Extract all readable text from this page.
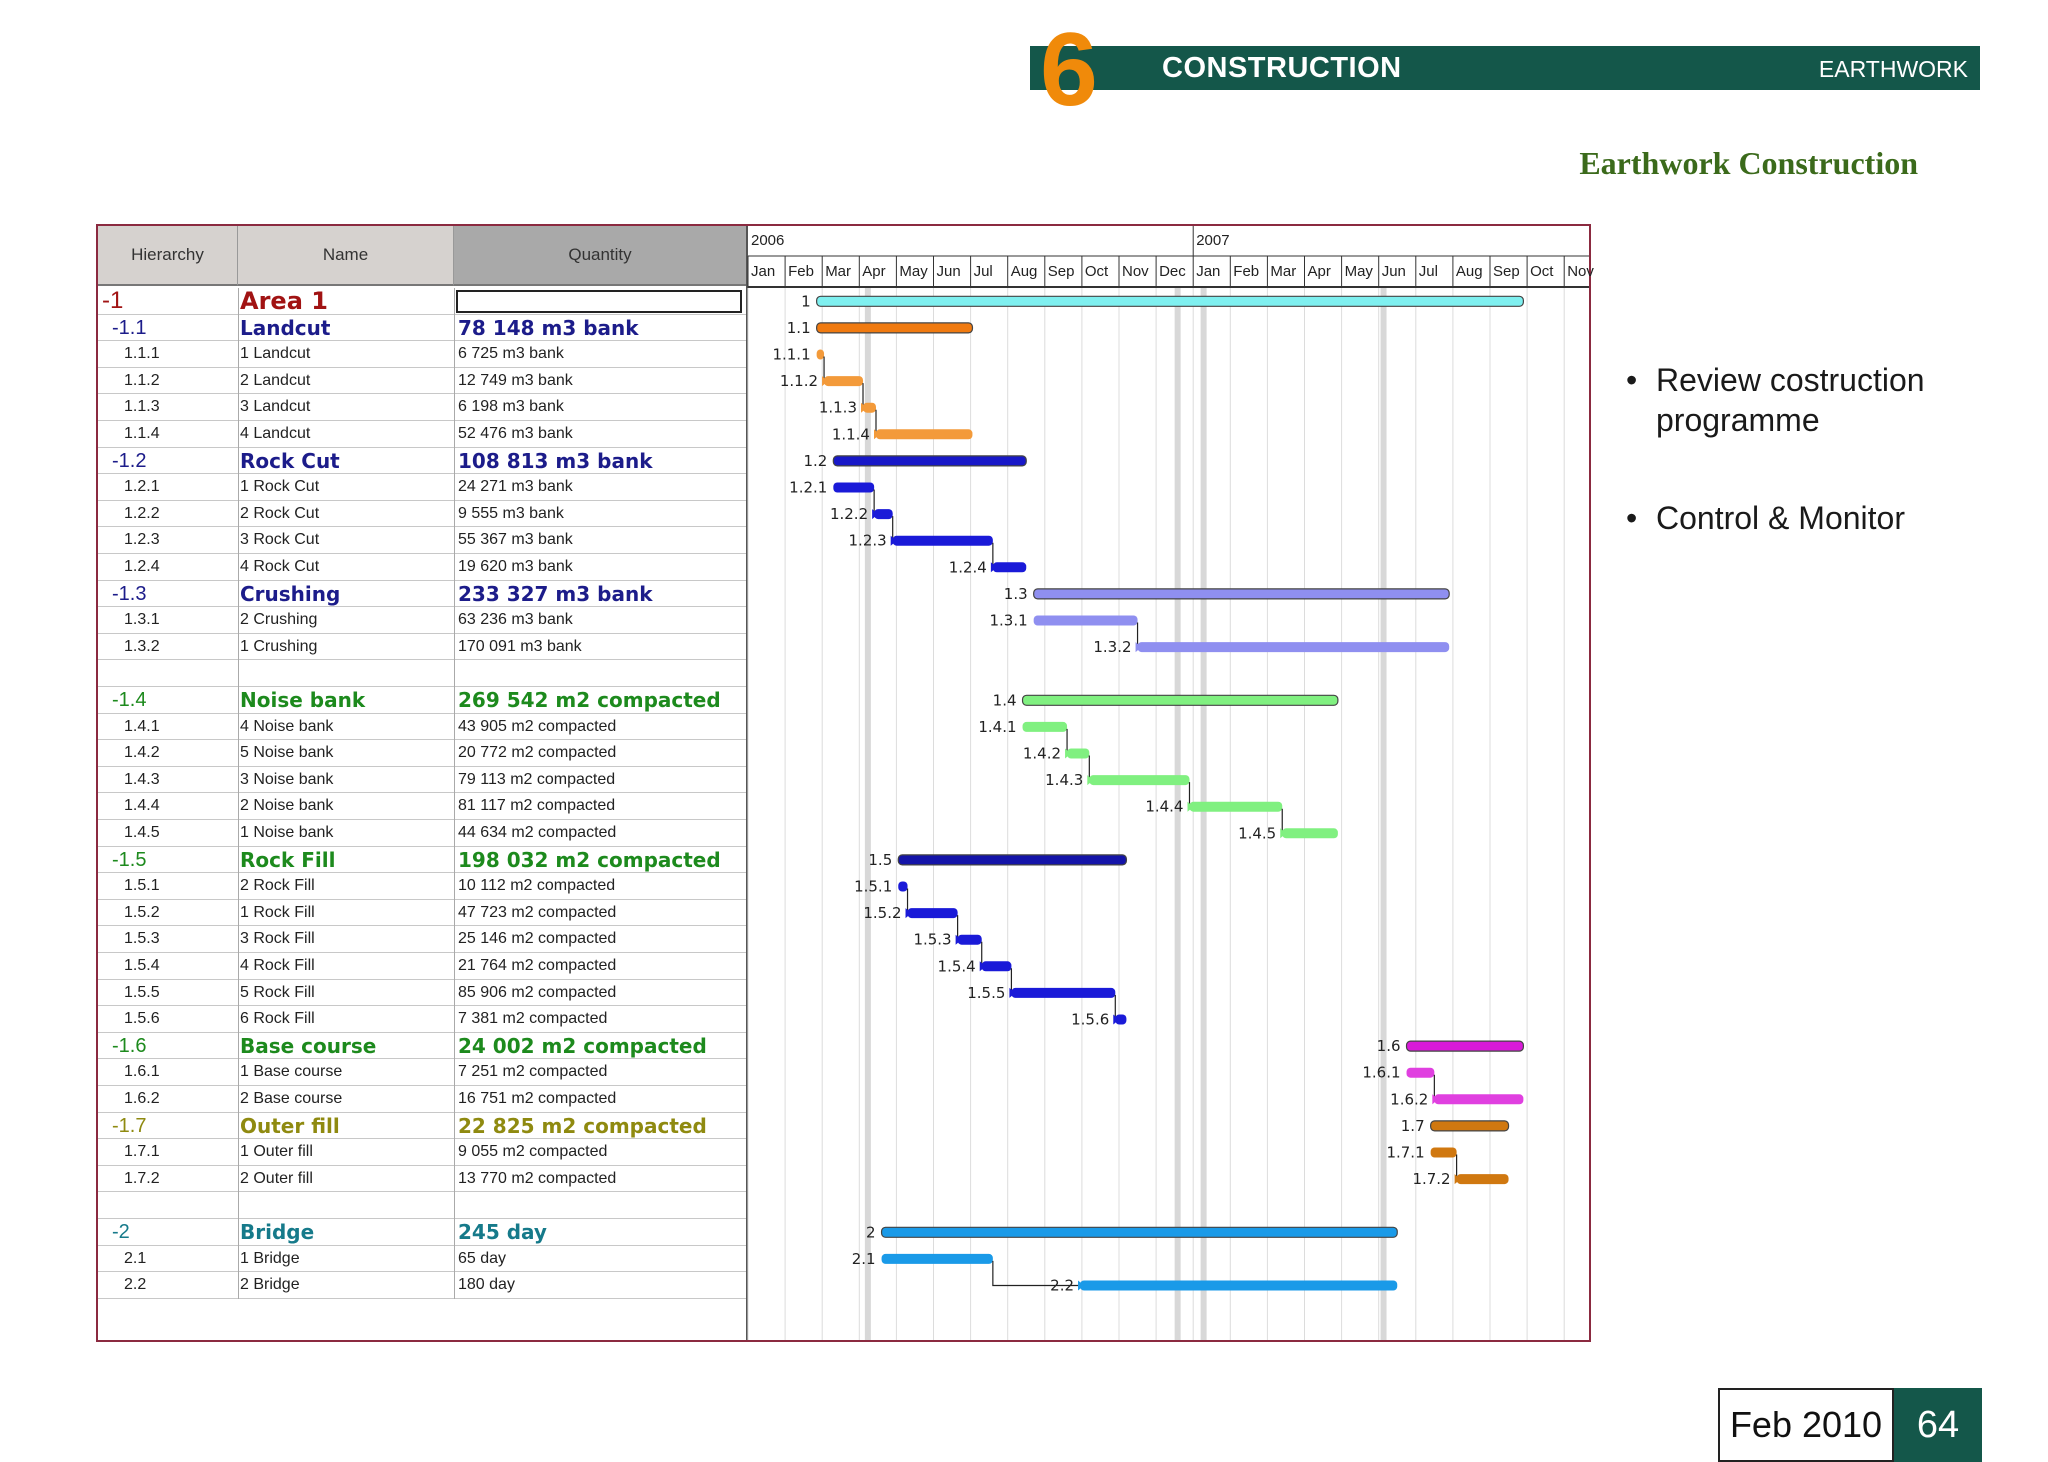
6	CONSTRUCTION	EARTHWORK
Earthwork Construction
Hierarchy	Name	Quantity
-1	Area 1
-1.1	Landcut	78 148 m3 bank
1.1.1	1 Landcut	6 725 m3 bank
1.1.2	2 Landcut	12 749 m3 bank
1.1.3	3 Landcut	6 198 m3 bank
1.1.4	4 Landcut	52 476 m3 bank
-1.2	Rock Cut	108 813 m3 bank
1.2.1	1 Rock Cut	24 271 m3 bank
1.2.2	2 Rock Cut	9 555 m3 bank
1.2.3	3 Rock Cut	55 367 m3 bank
1.2.4	4 Rock Cut	19 620 m3 bank
-1.3	Crushing	233 327 m3 bank
1.3.1	2 Crushing	63 236 m3 bank
1.3.2	1 Crushing	170 091 m3 bank
-1.4	Noise bank	269 542 m2 compacted
1.4.1	4 Noise bank	43 905 m2 compacted
1.4.2	5 Noise bank	20 772 m2 compacted
1.4.3	3 Noise bank	79 113 m2 compacted
1.4.4	2 Noise bank	81 117 m2 compacted
1.4.5	1 Noise bank	44 634 m2 compacted
-1.5	Rock Fill	198 032 m2 compacted
1.5.1	2 Rock Fill	10 112 m2 compacted
1.5.2	1 Rock Fill	47 723 m2 compacted
1.5.3	3 Rock Fill	25 146 m2 compacted
1.5.4	4 Rock Fill	21 764 m2 compacted
1.5.5	5 Rock Fill	85 906 m2 compacted
1.5.6	6 Rock Fill	7 381 m2 compacted
-1.6	Base course	24 002 m2 compacted
1.6.1	1 Base course	7 251 m2 compacted
1.6.2	2 Base course	16 751 m2 compacted
-1.7	Outer fill	22 825 m2 compacted
1.7.1	1 Outer fill	9 055 m2 compacted
1.7.2	2 Outer fill	13 770 m2 compacted
-2	Bridge	245 day
2.1	1 Bridge	65 day
2.2	2 Bridge	180 day
2006	2007
Jan Feb Mar Apr May Jun Jul Aug Sep Oct Nov Dec Jan Feb Mar Apr May Jun Jul Aug Sep Oct Nov
1
1.1
1.1.1
1.1.2
1.1.3
1.1.4
1.2
1.2.1
1.2.2
1.2.3
1.2.4
1.3
1.3.1
1.3.2
1.4
1.4.1
1.4.2
1.4.3
1.4.4
1.4.5
1.5
1.5.1
1.5.2
1.5.3
1.5.4
1.5.5
1.5.6
1.6
1.6.1
1.6.2
1.7
1.7.1
1.7.2
2
2.1
2.2
• Review costruction programme
• Control & Monitor
Feb 2010 64
